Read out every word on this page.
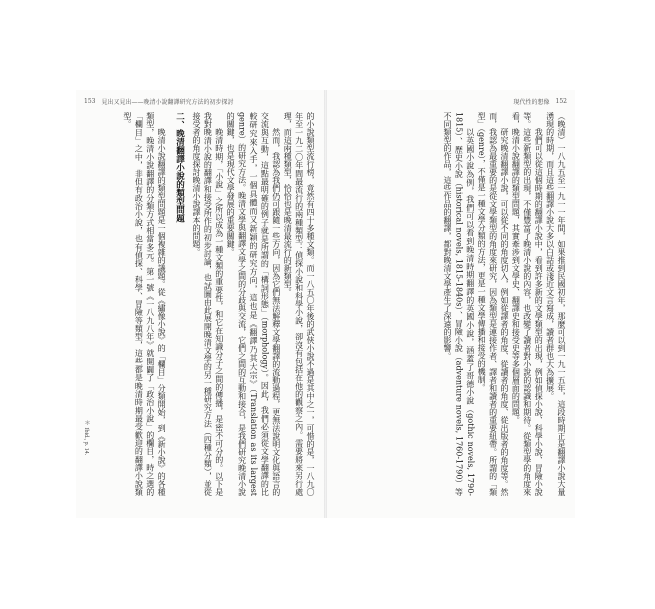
153 見出又見出——晚清小說翻譯研究方法的初步探討

的小說類型流行榜，竟然有四十多種文類。而一八五〇年後的武俠小說不過是其中之一，可惜的是，一八九〇年至一九二〇年間最流行的兩種類型：偵探小說和科學小說，卻沒有包括在他的觀察之內。需要將來另行處理，而這兩種類型，恰恰也是晚清最流行的新類型。

然而，我認為我們仍可跟隨一些方向，因為它們無法解釋文學翻譯的流動過程，更無法說明文化與語言的交流與互動，這點最明確的例子就是所謂的「構詞形態」（morphology）。因此，我們必須從文學翻譯的比較研究來入手，一個具體而又新穎的研究方向，這也是《翻譯乃其大宗》（Translation as its largest genre）的研究方法。晚清文學與翻譯文學之間的分歧與交流，它們之間的互動和接合，是我們研究晚清小說的關鍵，也是現代文學發展的重要關鍵。

晚清時期，「小說」之所以成為一種文類的重要性，和它在知識分子之間的傳播，是密不可分的。以下是我對晚清小說的翻譯和接受所作的初步討論，也試圖由此展開晚清文學的另一種研究方法（四種分類），並從接受者的角度探討晚清小說譯本的問題。

二、晚清翻譯小說的類型問題

晚清小說翻譯的類型問題是一個複雜的議題。從《繡像小說》的「欄目」分類開始，到《新小說》的各種類型，晚清小說翻譯的分類方式相當多元。第一號《一八九八年》就開闢了「政治小說」的欄目，時之選的「欄目」之中，非但有政治小說，也有偵探、科學、冒險等類型，這些都是晚清時期最受歡迎的翻譯小說類型。

＊ Ibid., p. 14.
現代性的想像 152

（晚清）一八九五至一九一一年間，如果推到民國初年，那麼可以到一九一五年，這段時期正是翻譯小說大量湧現的時期，而且這些翻譯小說大多以白話或淺近文言寫成，讀者群也大為擴展。

我們可以從這個時期的翻譯小說中，看到許多新的文學類型的出現，例如偵探小說、科學小說、冒險小說等。這些新類型的出現，不僅豐富了晚清小說的內容，也改變了讀者對小說的認識和期待。從類型學的角度來看，晚清小說翻譯的類型問題，其實牽涉到文學史、翻譯史和接受史等多個層面的問題。

研究晚清翻譯小說，可以從不同的角度切入，例如從譯者的角度、從讀者的角度、從出版者的角度等。然而，我認為最重要的是從文學類型的角度來研究，因為類型是連接作者、譯者和讀者的重要紐帶。所謂的「類型」（genre），不僅是一種文學分類的方法，更是一種文學傳播和接受的機制。

以英國小說為例，我們可以看到晚清時期翻譯的英國小說，涵蓋了哥德小說（gothic novels, 1790-1815）、歷史小說（historical novels, 1815-1840s）、冒險小說（adventure novels, 1760-1790）等不同類型的作品，這些作品的翻譯，都對晚清文學產生了深遠的影響。
